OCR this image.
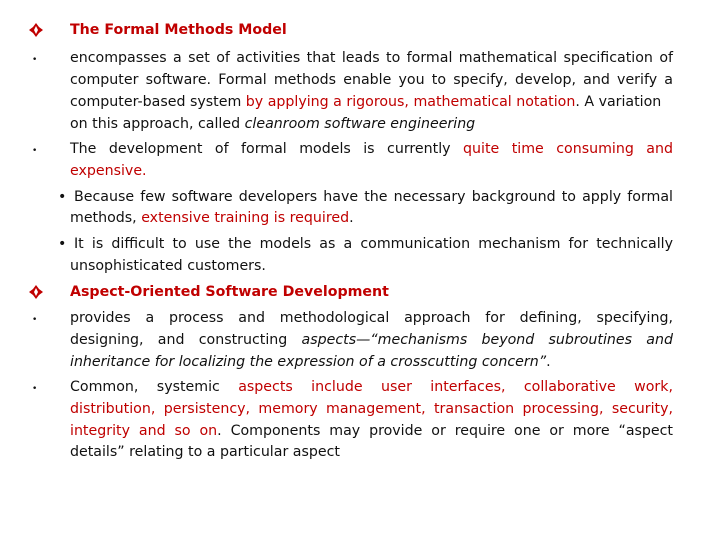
The Formal Methods Model
• encompasses a set of activities that leads to formal mathematical specification of
computer software. Formal methods enable you to specify, develop, and verify a
computer-based system by applying a rigorous, mathematical notation. A variation
on this approach, called cleanroom software engineering
• The development of formal models is currently quite time consuming and
expensive.
• Because few software developers have the necessary background to apply formal
methods, extensive training is required.
• It is difficult to use the models as a communication mechanism for technically
unsophisticated customers.
Aspect-Oriented Software Development
• provides a process and methodological approach for defining, specifying,
designing, and constructing aspects—“mechanisms beyond subroutines and
inheritance for localizing the expression of a crosscutting concern”.
• Common, systemic aspects include user interfaces, collaborative work,
distribution, persistency, memory management, transaction processing, security,
integrity and so on. Components may provide or require one or more “aspect
details” relating to a particular aspect
